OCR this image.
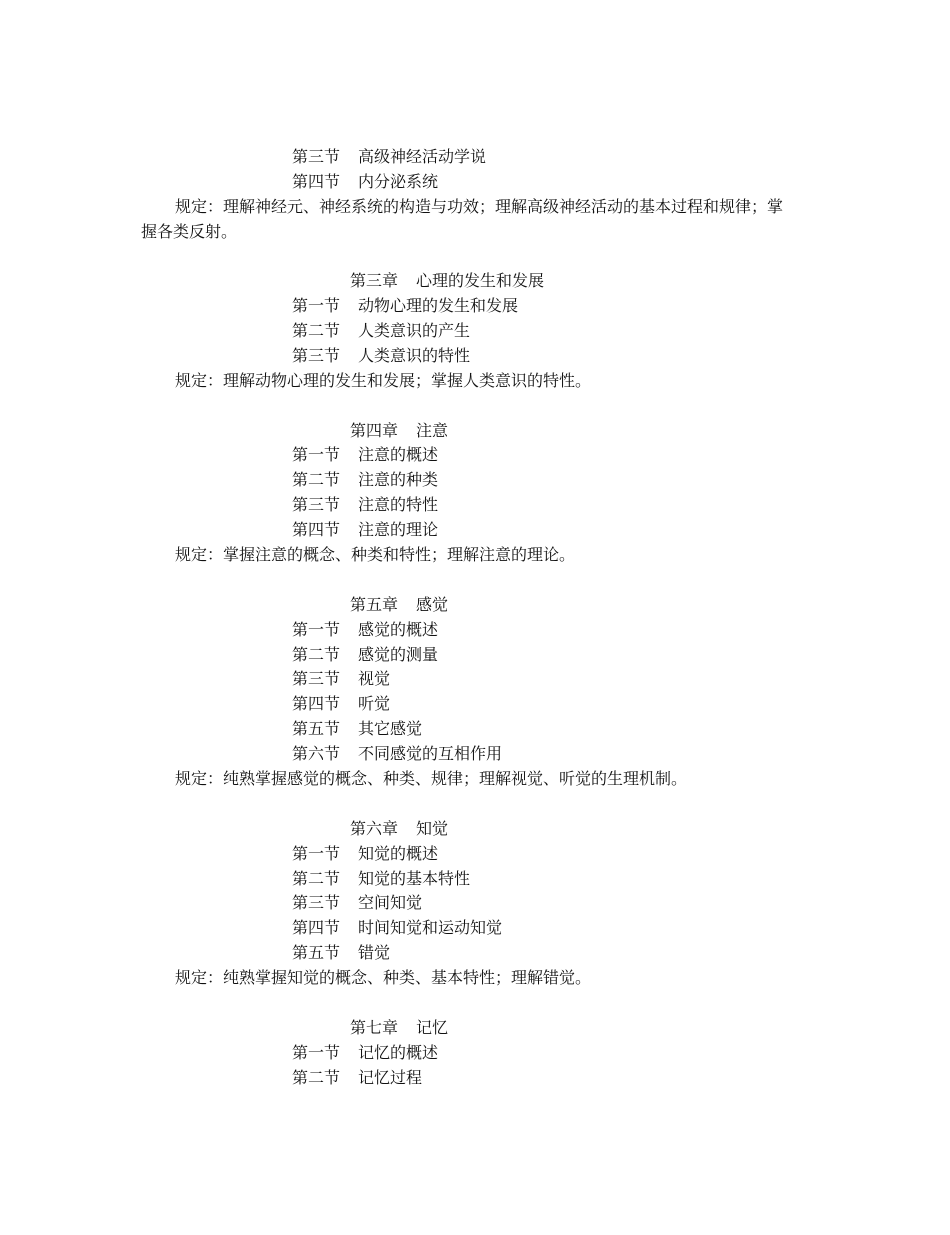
第三节 高级神经活动学说
第四节 内分泌系统
规定：理解神经元、神经系统的构造与功效；理解高级神经活动的基本过程和规律；掌
握各类反射。
第三章 心理的发生和发展
第一节 动物心理的发生和发展
第二节 人类意识的产生
第三节 人类意识的特性
规定：理解动物心理的发生和发展；掌握人类意识的特性。
第四章 注意
第一节 注意的概述
第二节 注意的种类
第三节 注意的特性
第四节 注意的理论
规定：掌握注意的概念、种类和特性；理解注意的理论。
第五章 感觉
第一节 感觉的概述
第二节 感觉的测量
第三节 视觉
第四节 听觉
第五节 其它感觉
第六节 不同感觉的互相作用
规定：纯熟掌握感觉的概念、种类、规律；理解视觉、听觉的生理机制。
第六章 知觉
第一节 知觉的概述
第二节 知觉的基本特性
第三节 空间知觉
第四节 时间知觉和运动知觉
第五节 错觉
规定：纯熟掌握知觉的概念、种类、基本特性；理解错觉。
第七章 记忆
第一节 记忆的概述
第二节 记忆过程
